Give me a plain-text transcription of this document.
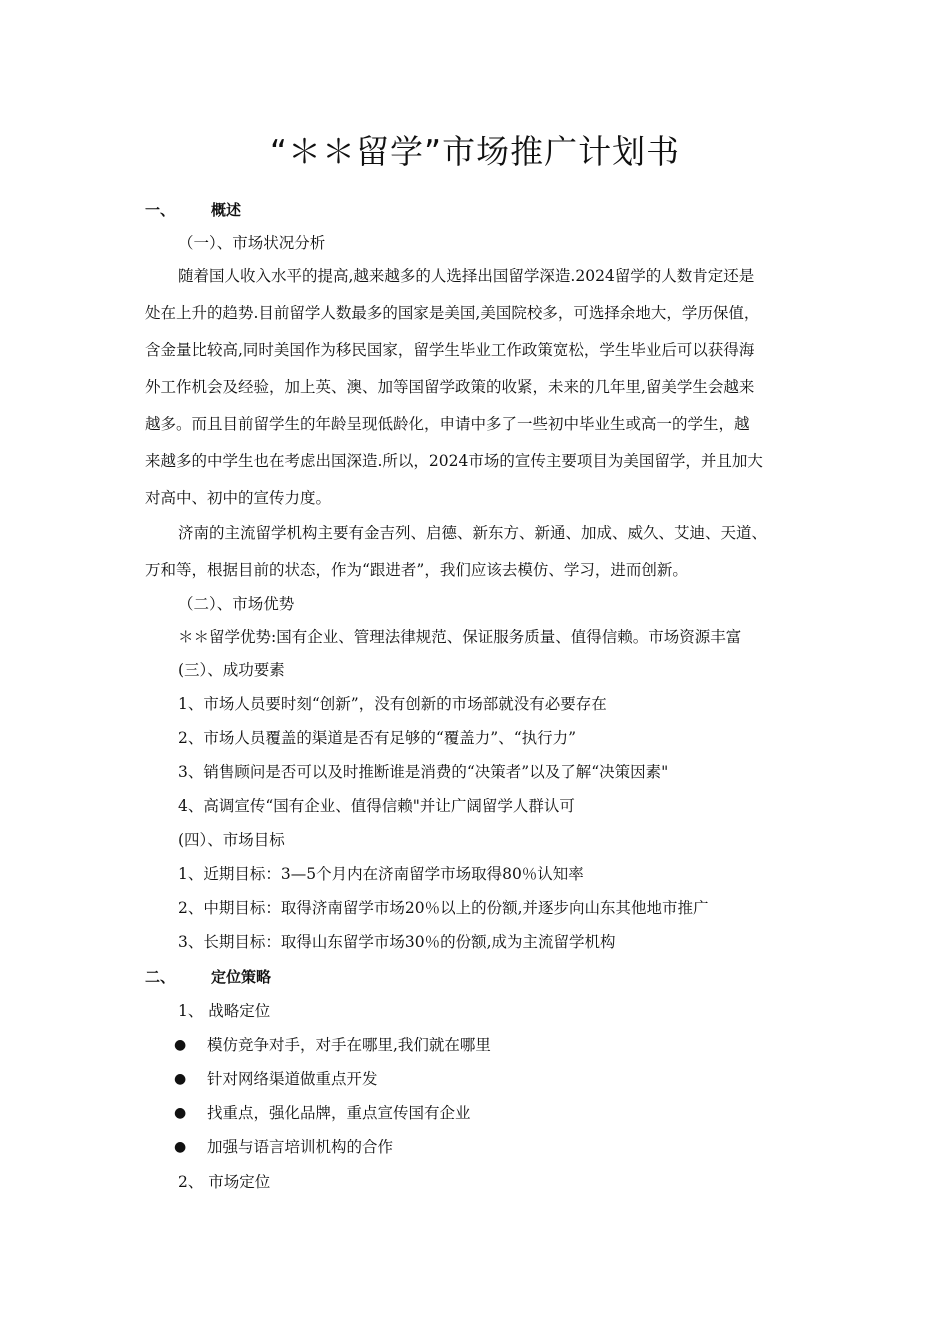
“＊＊留学”市场推广计划书
一、 概述
（一）、市场状况分析
随着国人收入水平的提高,越来越多的人选择出国留学深造.2024留学的人数肯定还是
处在上升的趋势.目前留学人数最多的国家是美国,美国院校多，可选择余地大，学历保值，
含金量比较高,同时美国作为移民国家，留学生毕业工作政策宽松，学生毕业后可以获得海
外工作机会及经验，加上英、澳、加等国留学政策的收紧，未来的几年里,留美学生会越来
越多。而且目前留学生的年龄呈现低龄化，申请中多了一些初中毕业生或高一的学生，越
来越多的中学生也在考虑出国深造.所以，2024市场的宣传主要项目为美国留学，并且加大
对高中、初中的宣传力度。
济南的主流留学机构主要有金吉列、启德、新东方、新通、加成、威久、艾迪、天道、
万和等，根据目前的状态，作为“跟进者”，我们应该去模仿、学习，进而创新。
（二）、市场优势
＊＊留学优势:国有企业、管理法律规范、保证服务质量、值得信赖。市场资源丰富
(三）、成功要素
1、市场人员要时刻“创新”，没有创新的市场部就没有必要存在
2、市场人员覆盖的渠道是否有足够的“覆盖力”、“执行力”
3、销售顾问是否可以及时推断谁是消费的“决策者”以及了解“决策因素"
4、高调宣传“国有企业、值得信赖"并让广阔留学人群认可
(四）、市场目标
1、近期目标：3—5个月内在济南留学市场取得80％认知率
2、中期目标：取得济南留学市场20％以上的份额,并逐步向山东其他地市推广
3、长期目标：取得山东留学市场30％的份额,成为主流留学机构
二、 定位策略
1、 战略定位
● 模仿竞争对手，对手在哪里,我们就在哪里
● 针对网络渠道做重点开发
● 找重点，强化品牌，重点宣传国有企业
● 加强与语言培训机构的合作
2、 市场定位
